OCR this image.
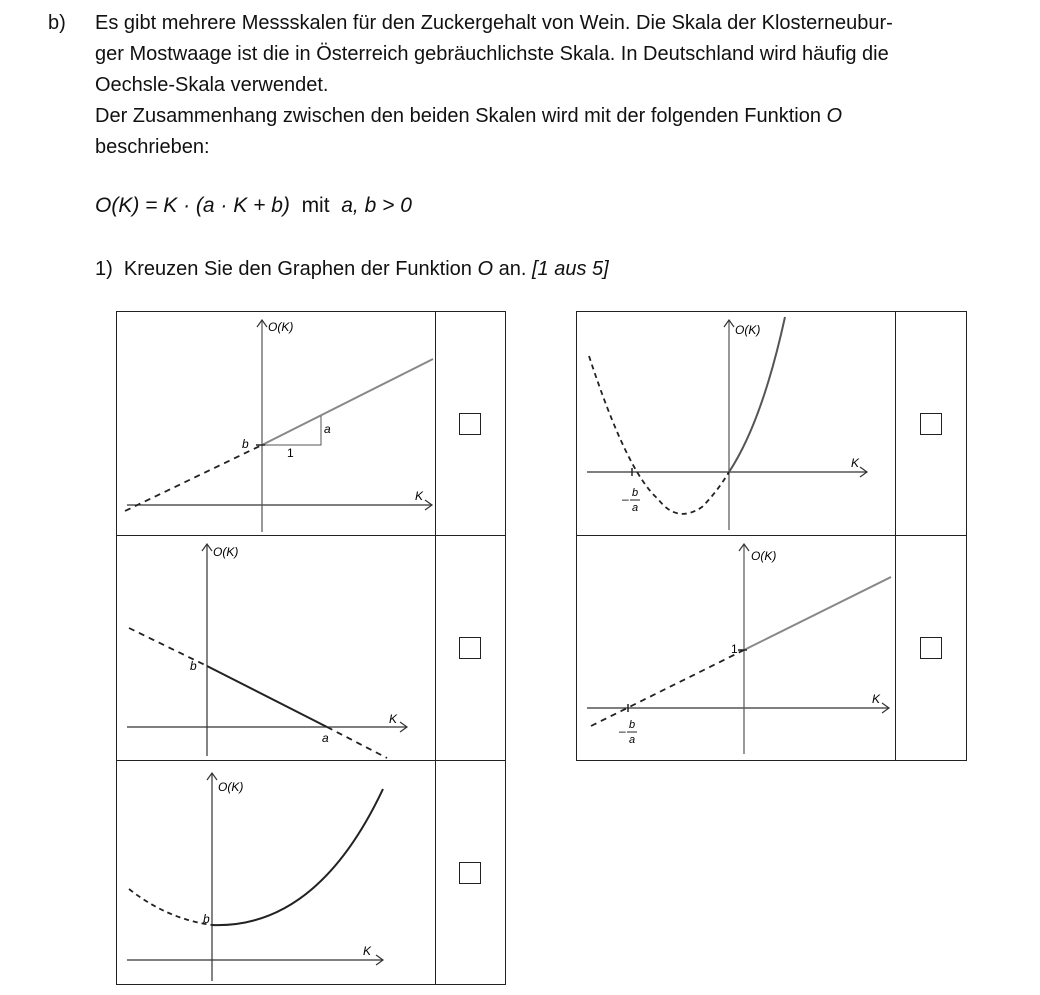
b) Es gibt mehrere Messskalen für den Zuckergehalt von Wein. Die Skala der Klosterneubur-
ger Mostwaage ist die in Österreich gebräuchlichste Skala. In Deutschland wird häufig die
Oechsle-Skala verwendet.
Der Zusammenhang zwischen den beiden Skalen wird mit der folgenden Funktion O
beschrieben:
O(K) = K · (a · K + b) mit a, b > 0
1) Kreuzen Sie den Graphen der Funktion O an. [1 aus 5]
O(K)
K
b
a
1
O(K)
K
– b
a
O(K)
K
b
a
O(K)
K
1
– b
a
O(K)
K
b
